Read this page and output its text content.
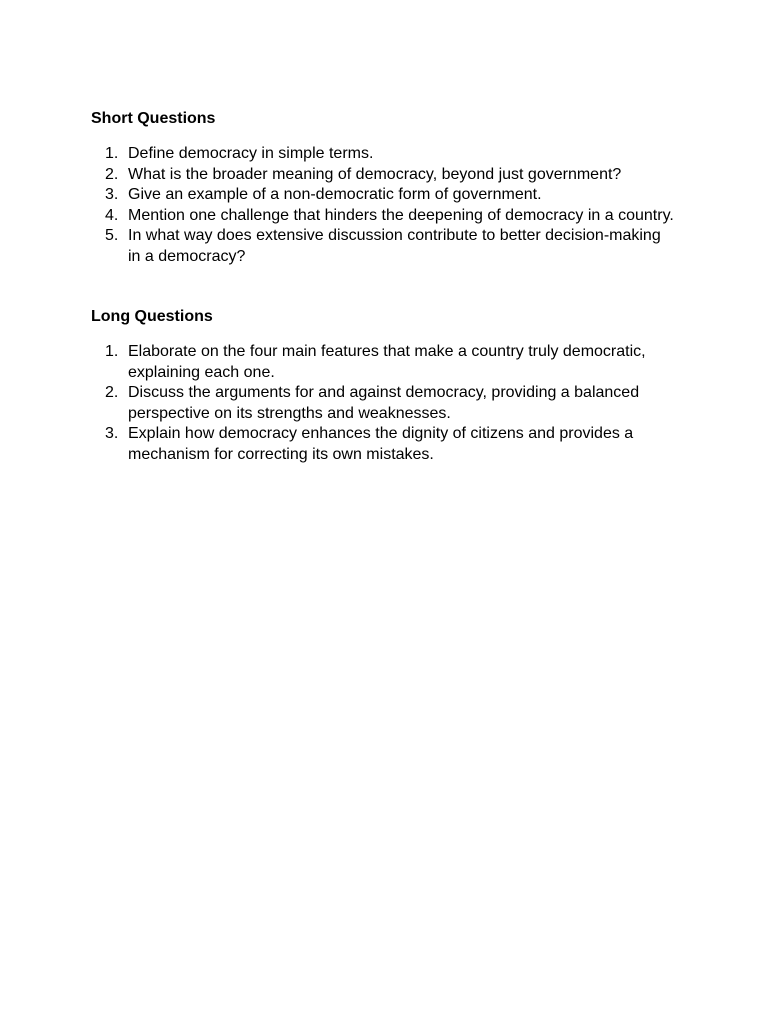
Short Questions
1. Define democracy in simple terms.
2. What is the broader meaning of democracy, beyond just government?
3. Give an example of a non-democratic form of government.
4. Mention one challenge that hinders the deepening of democracy in a country.
5. In what way does extensive discussion contribute to better decision-making in a democracy?
Long Questions
1. Elaborate on the four main features that make a country truly democratic, explaining each one.
2. Discuss the arguments for and against democracy, providing a balanced perspective on its strengths and weaknesses.
3. Explain how democracy enhances the dignity of citizens and provides a mechanism for correcting its own mistakes.
